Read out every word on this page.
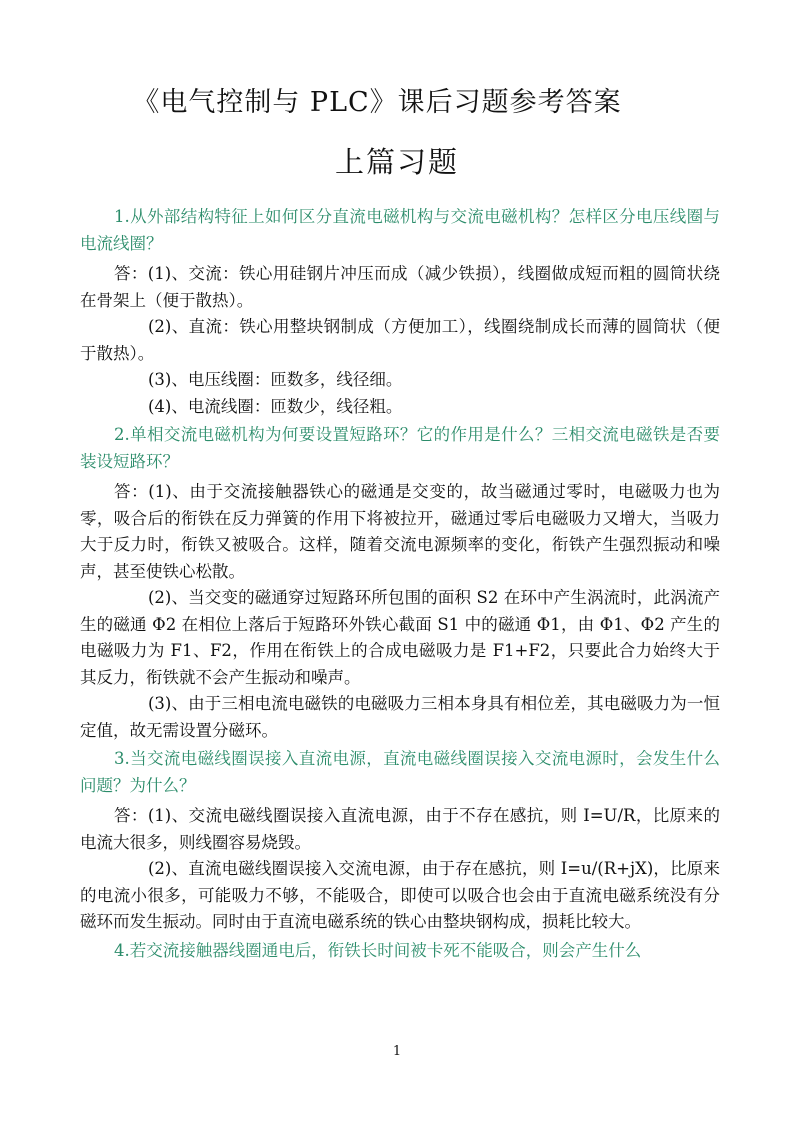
《电气控制与 PLC》课后习题参考答案
上篇习题

1.从外部结构特征上如何区分直流电磁机构与交流电磁机构？怎样区分电压线圈与电流线圈？

答：(1)、交流：铁心用硅钢片冲压而成（减少铁损），线圈做成短而粗的圆筒状绕在骨架上（便于散热）。

(2)、直流：铁心用整块钢制成（方便加工），线圈绕制成长而薄的圆筒状（便于散热）。

(3)、电压线圈：匝数多，线径细。

(4)、电流线圈：匝数少，线径粗。

2.单相交流电磁机构为何要设置短路环？它的作用是什么？三相交流电磁铁是否要装设短路环？

答：(1)、由于交流接触器铁心的磁通是交变的，故当磁通过零时，电磁吸力也为零，吸合后的衔铁在反力弹簧的作用下将被拉开，磁通过零后电磁吸力又增大，当吸力大于反力时，衔铁又被吸合。这样，随着交流电源频率的变化，衔铁产生强烈振动和噪声，甚至使铁心松散。

(2)、当交变的磁通穿过短路环所包围的面积 S2 在环中产生涡流时，此涡流产生的磁通 Φ2 在相位上落后于短路环外铁心截面 S1 中的磁通 Φ1，由 Φ1、Φ2 产生的电磁吸力为 F1、F2，作用在衔铁上的合成电磁吸力是 F1+F2，只要此合力始终大于其反力，衔铁就不会产生振动和噪声。

(3)、由于三相电流电磁铁的电磁吸力三相本身具有相位差，其电磁吸力为一恒定值，故无需设置分磁环。

3.当交流电磁线圈误接入直流电源，直流电磁线圈误接入交流电源时，会发生什么问题？为什么？

答：(1)、交流电磁线圈误接入直流电源，由于不存在感抗，则 I=U/R，比原来的电流大很多，则线圈容易烧毁。

(2)、直流电磁线圈误接入交流电源，由于存在感抗，则 I=u/(R+jX)，比原来的电流小很多，可能吸力不够，不能吸合，即使可以吸合也会由于直流电磁系统没有分磁环而发生振动。同时由于直流电磁系统的铁心由整块钢构成，损耗比较大。

4.若交流接触器线圈通电后，衔铁长时间被卡死不能吸合，则会产生什么

1
